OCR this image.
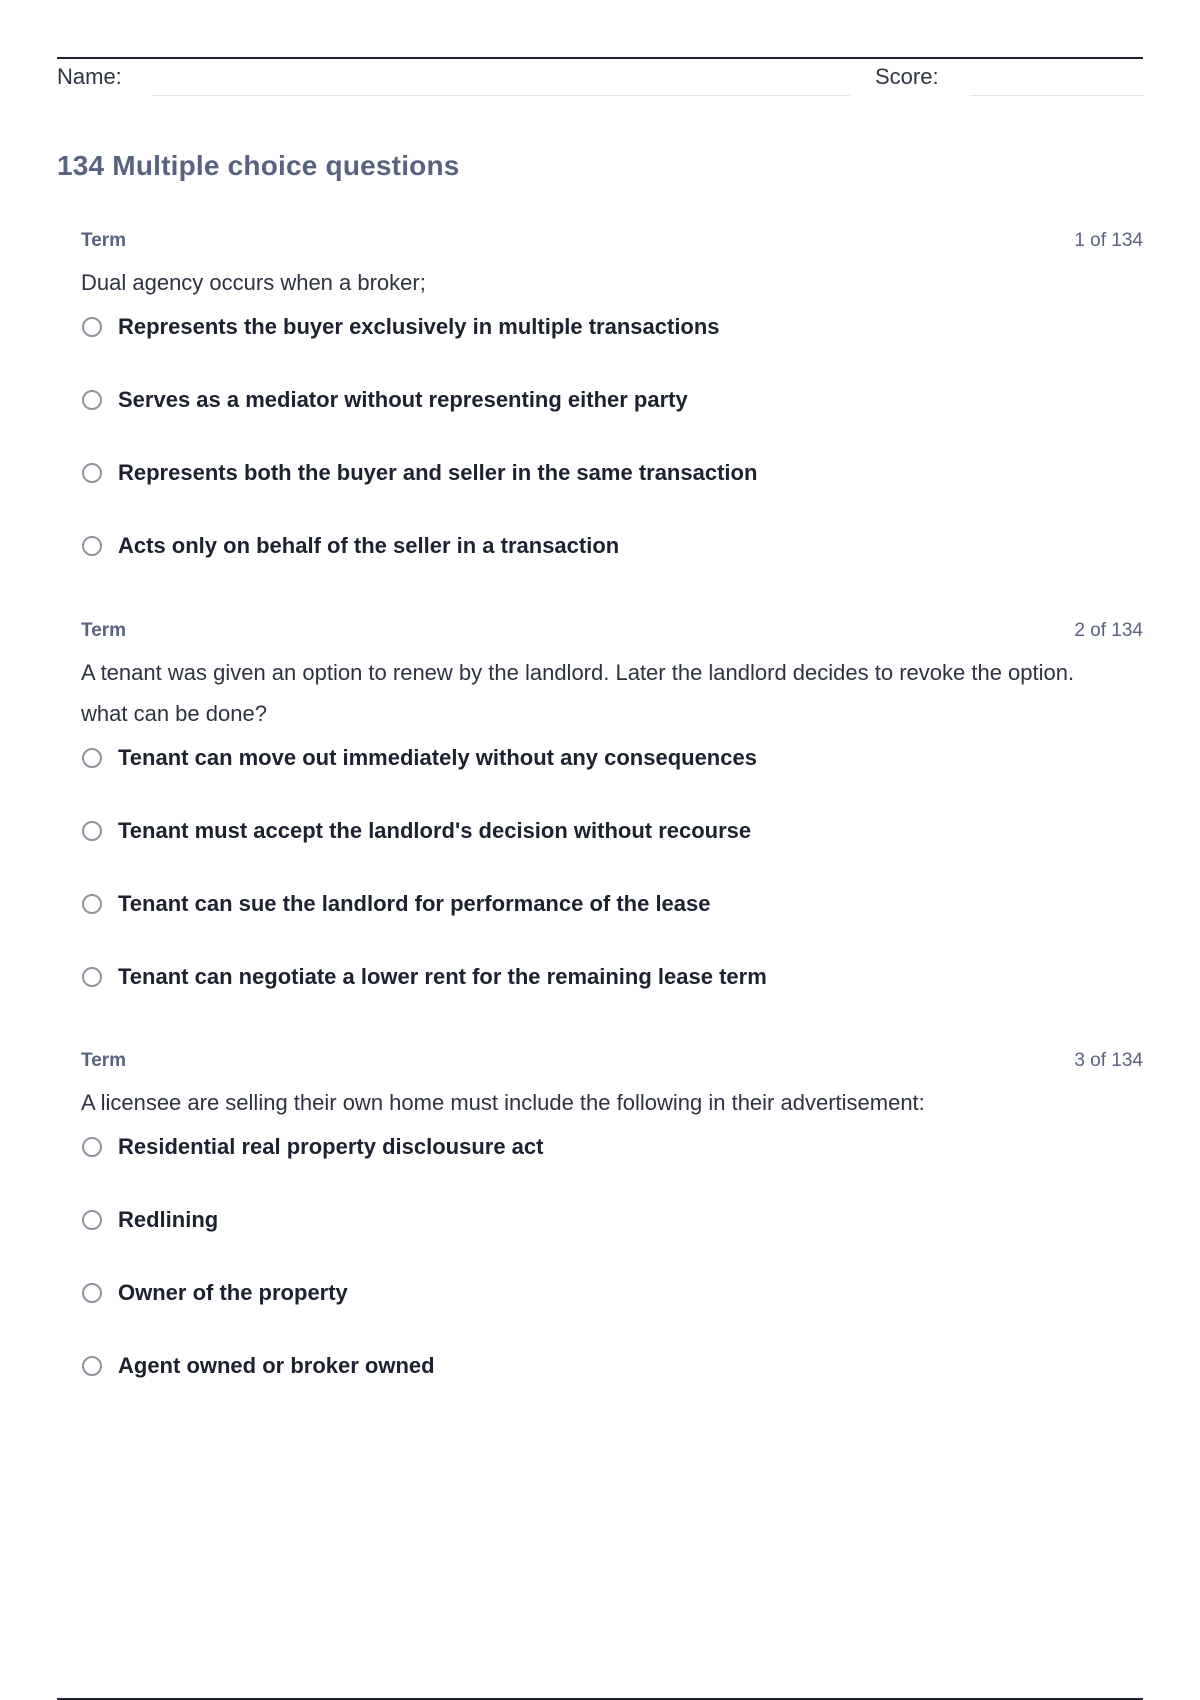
Name:	Score:
134 Multiple choice questions
Term	1 of 134
Dual agency occurs when a broker;
Represents the buyer exclusively in multiple transactions
Serves as a mediator without representing either party
Represents both the buyer and seller in the same transaction
Acts only on behalf of the seller in a transaction
Term	2 of 134
A tenant was given an option to renew by the landlord. Later the landlord decides to revoke the option. what can be done?
Tenant can move out immediately without any consequences
Tenant must accept the landlord's decision without recourse
Tenant can sue the landlord for performance of the lease
Tenant can negotiate a lower rent for the remaining lease term
Term	3 of 134
A licensee are selling their own home must include the following in their advertisement:
Residential real property disclousure act
Redlining
Owner of the property
Agent owned or broker owned
